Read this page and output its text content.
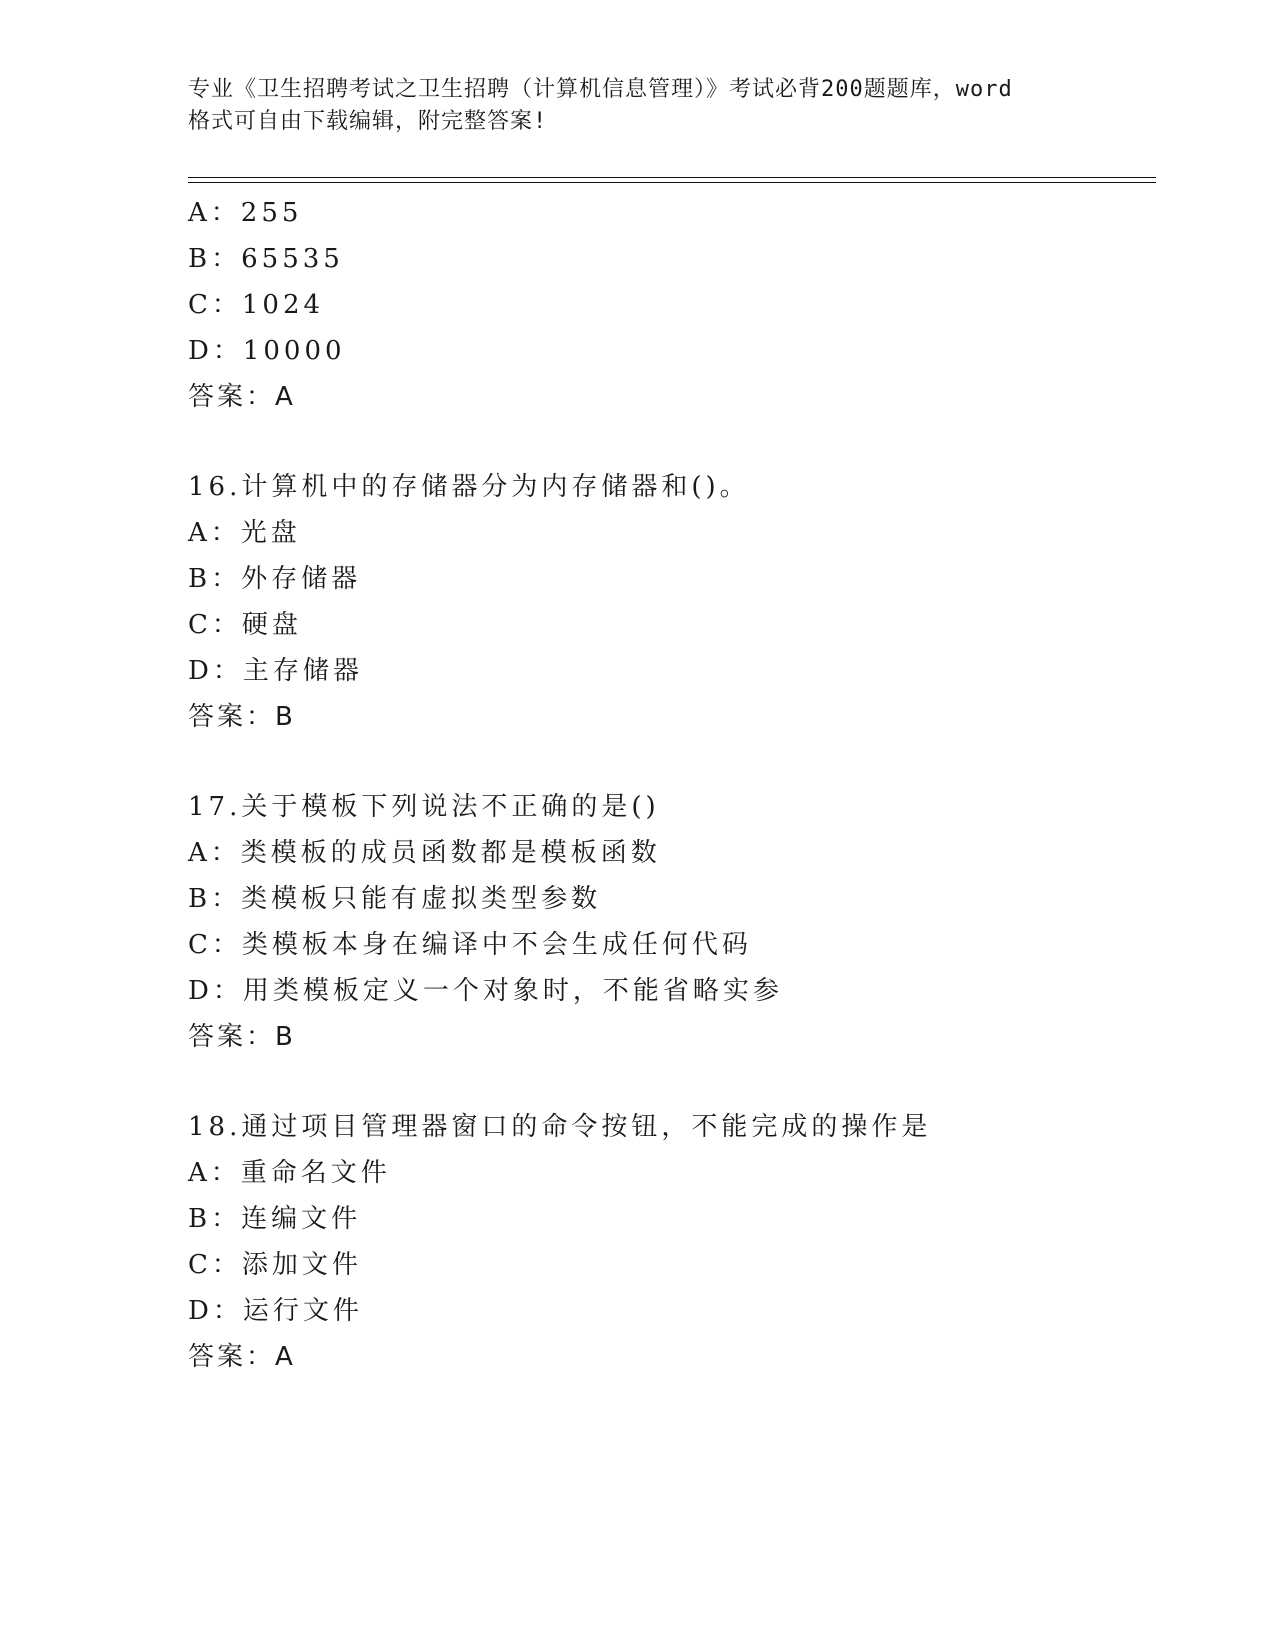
专业《卫生招聘考试之卫生招聘（计算机信息管理）》考试必背200题题库，word
格式可自由下载编辑，附完整答案!
A：255
B：65535
C：1024
D：10000
答案：A
16.计算机中的存储器分为内存储器和()。
A：光盘
B：外存储器
C：硬盘
D：主存储器
答案：B
17.关于模板下列说法不正确的是()
A：类模板的成员函数都是模板函数
B：类模板只能有虚拟类型参数
C：类模板本身在编译中不会生成任何代码
D：用类模板定义一个对象时，不能省略实参
答案：B
18.通过项目管理器窗口的命令按钮，不能完成的操作是
A：重命名文件
B：连编文件
C：添加文件
D：运行文件
答案：A
